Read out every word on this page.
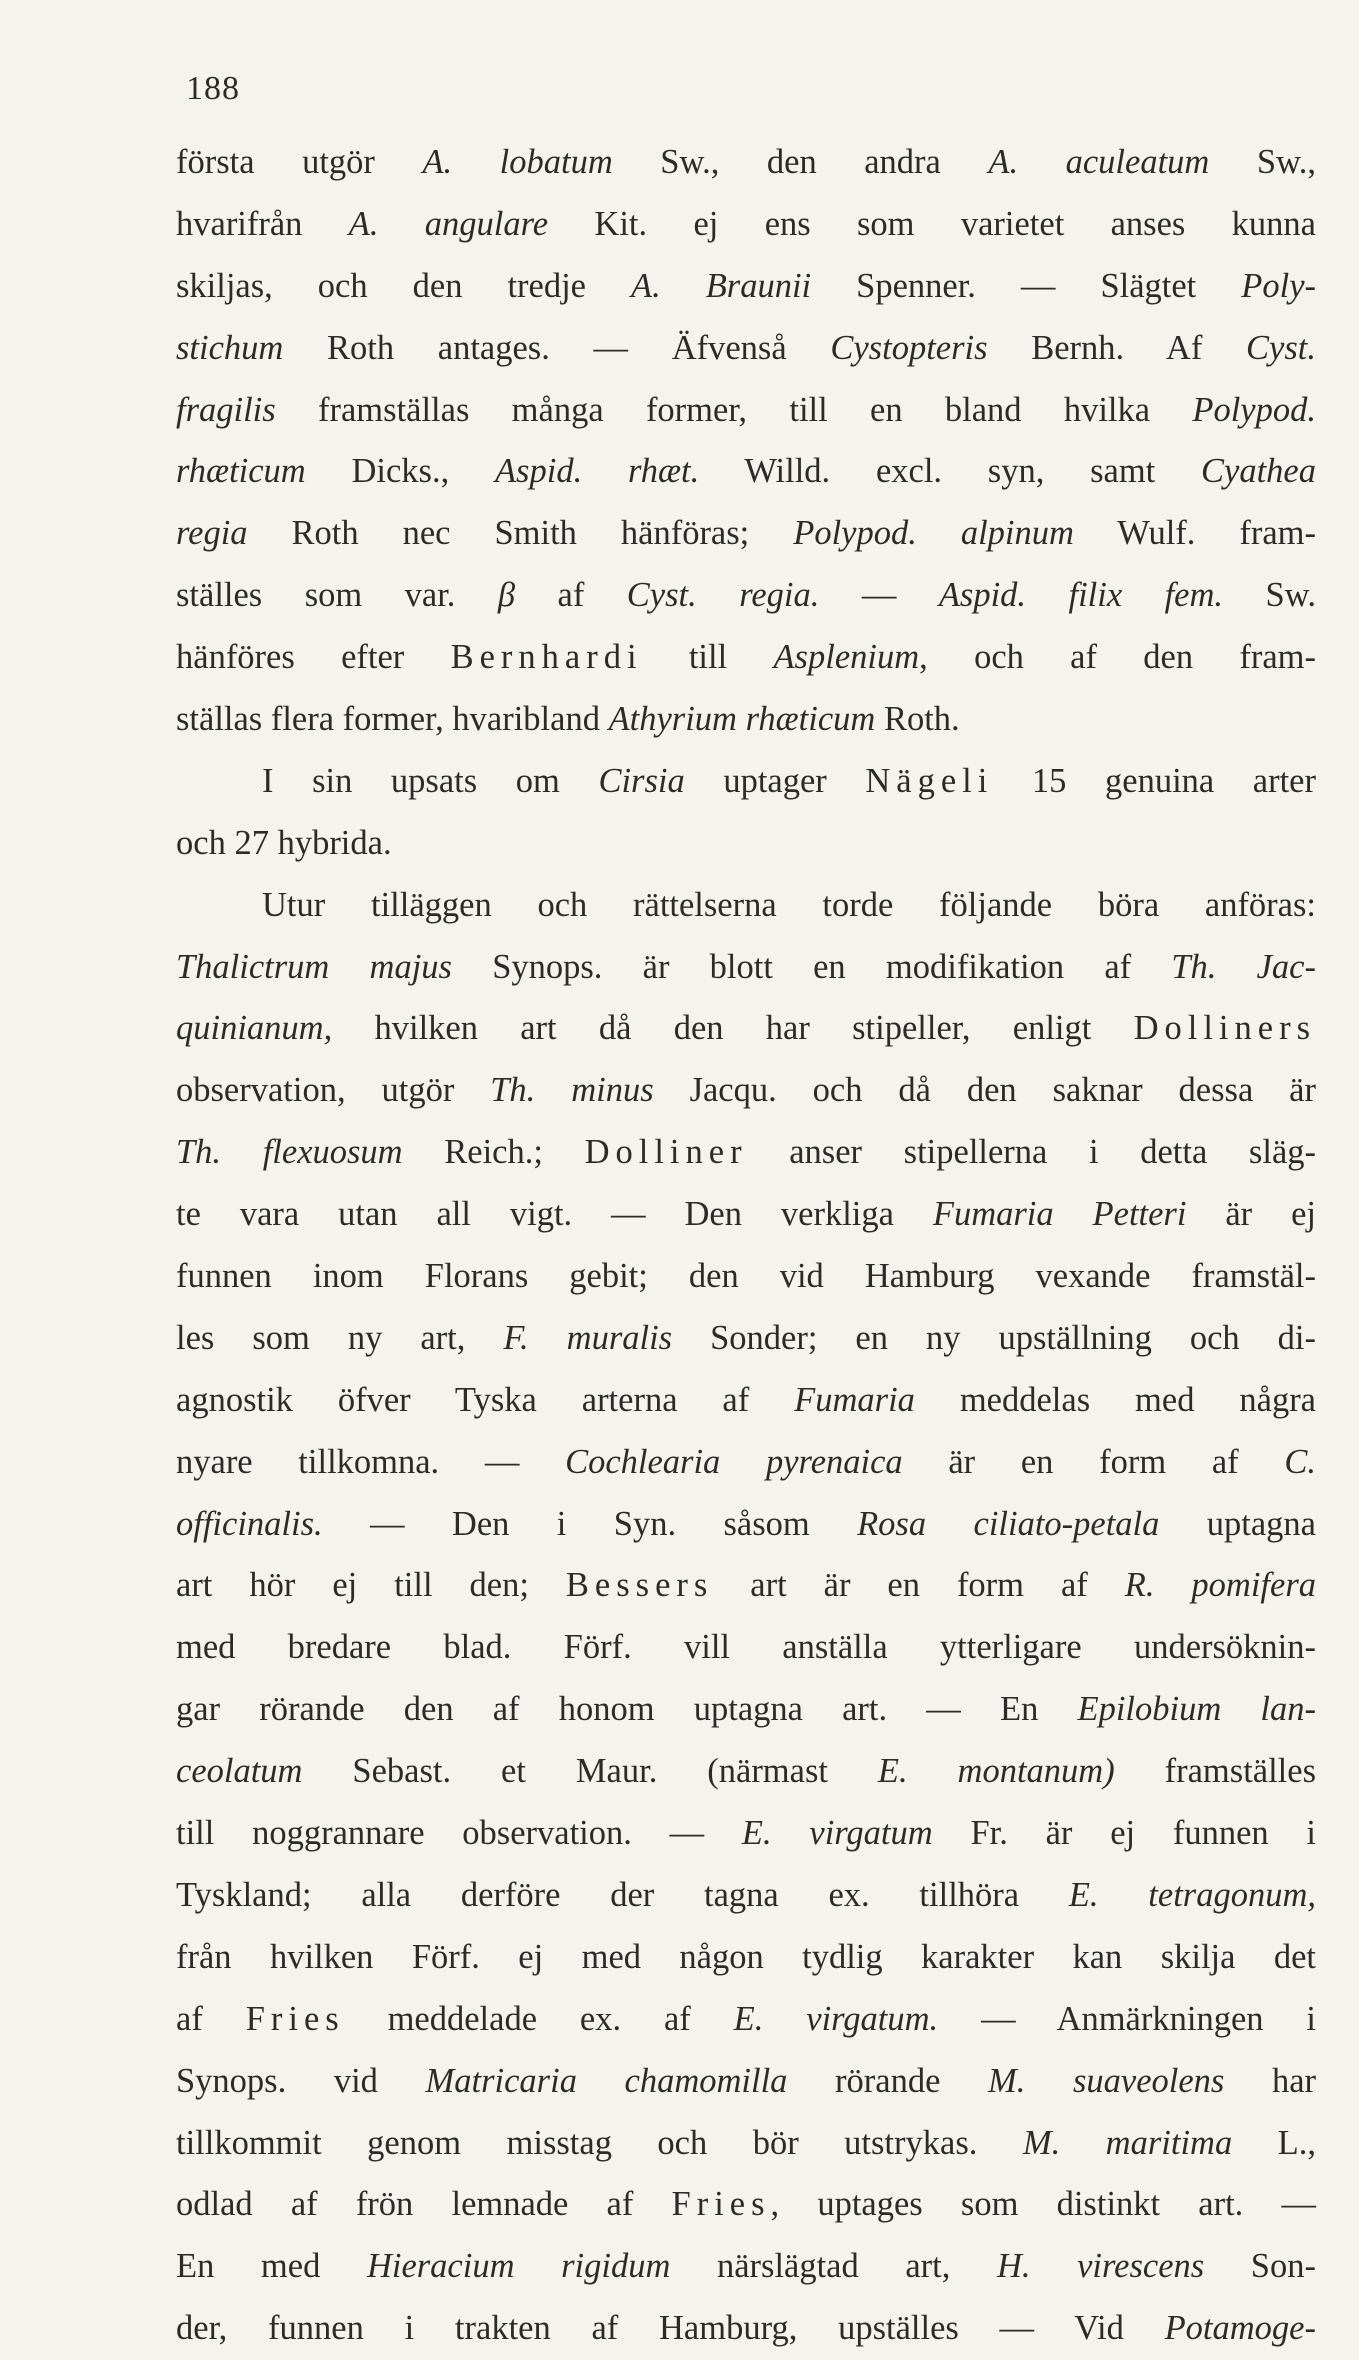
188
första utgör A. lobatum Sw., den andra A. aculeatum Sw.,
hvarifrån A. angulare Kit. ej ens som varietet anses kunna
skiljas, och den tredje A. Braunii Spenner. — Slägtet Poly-
stichum Roth antages. — Äfvenså Cystopteris Bernh. Af Cyst.
fragilis framställas många former, till en bland hvilka Polypod.
rhæticum Dicks., Aspid. rhæt. Willd. excl. syn, samt Cyathea
regia Roth nec Smith hänföras; Polypod. alpinum Wulf. fram-
ställes som var. β af Cyst. regia. — Aspid. filix fem. Sw.
hänföres efter Bernhardi till Asplenium, och af den fram-
ställas flera former, hvaribland Athyrium rhæticum Roth.
I sin upsats om Cirsia uptager Nägeli 15 genuina arter
och 27 hybrida.
Utur tilläggen och rättelserna torde följande böra anföras:
Thalictrum majus Synops. är blott en modifikation af Th. Jac-
quinianum, hvilken art då den har stipeller, enligt Dolliners
observation, utgör Th. minus Jacqu. och då den saknar dessa är
Th. flexuosum Reich.; Dolliner anser stipellerna i detta släg-
te vara utan all vigt. — Den verkliga Fumaria Petteri är ej
funnen inom Florans gebit; den vid Hamburg vexande framstäl-
les som ny art, F. muralis Sonder; en ny upställning och di-
agnostik öfver Tyska arterna af Fumaria meddelas med några
nyare tillkomna. — Cochlearia pyrenaica är en form af C.
officinalis. — Den i Syn. såsom Rosa ciliato-petala uptagna
art hör ej till den; Bessers art är en form af R. pomifera
med bredare blad. Förf. vill anställa ytterligare undersöknin-
gar rörande den af honom uptagna art. — En Epilobium lan-
ceolatum Sebast. et Maur. (närmast E. montanum) framställes
till noggrannare observation. — E. virgatum Fr. är ej funnen i
Tyskland; alla derföre der tagna ex. tillhöra E. tetragonum,
från hvilken Förf. ej med någon tydlig karakter kan skilja det
af Fries meddelade ex. af E. virgatum. — Anmärkningen i
Synops. vid Matricaria chamomilla rörande M. suaveolens har
tillkommit genom misstag och bör utstrykas. M. maritima L.,
odlad af frön lemnade af Fries, uptages som distinkt art. —
En med Hieracium rigidum närslägtad art, H. virescens Son-
der, funnen i trakten af Hamburg, upställes — Vid Potamoge-
